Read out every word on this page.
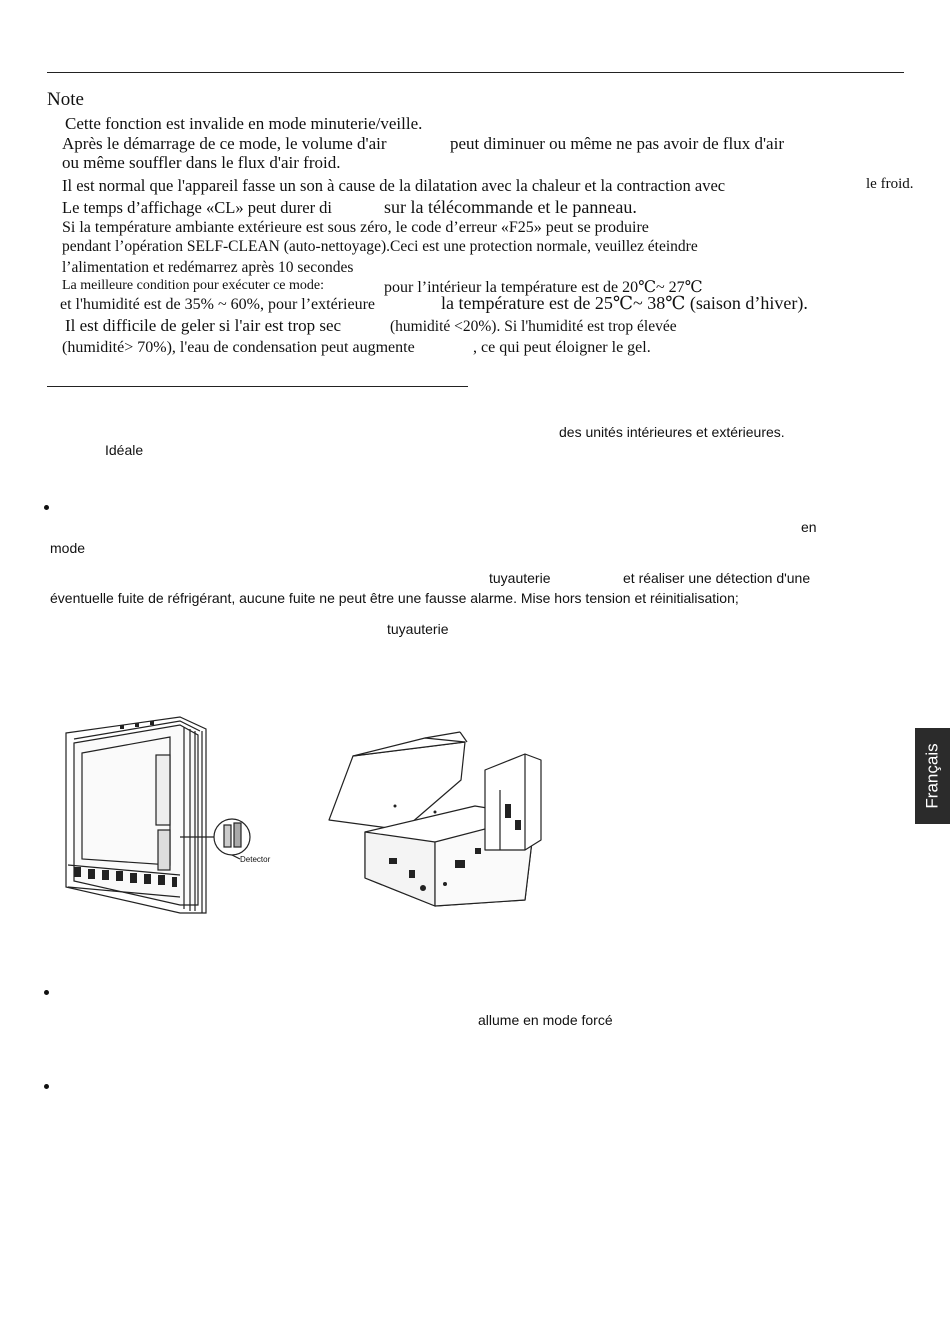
Note
Cette fonction est invalide en mode minuterie/veille.
Après le démarrage de ce mode, le volume d'air	peut diminuer ou même ne pas avoir de flux d'air
ou même souffler dans le flux d'air froid.
Il est normal que l'appareil fasse un son à cause de la dilatation avec la chaleur et la contraction avec	le froid.
Le temps d’affichage «CL» peut durer di	sur la télécommande et le panneau.
Si la température ambiante extérieure est sous zéro, le code d’erreur «F25» peut se produire
pendant l’opération SELF-CLEAN (auto-nettoyage).Ceci est une protection normale, veuillez éteindre
l’alimentation et redémarrez après 10 secondes
La meilleure condition pour exécuter ce mode:	pour l’intérieur la température est de 20℃~ 27℃
et l'humidité est de 35% ~ 60%, pour l’extérieure	la température est de 25℃~ 38℃ (saison d’hiver).
Il est difficile de geler si l'air est trop sec	(humidité <20%). Si l'humidité est trop élevée
(humidité> 70%), l'eau de condensation peut augmente	, ce qui peut éloigner le gel.
des unités intérieures et extérieures.
Idéale
en
mode
tuyauterie	et réaliser une détection d'une
éventuelle fuite de réfrigérant, aucune fuite ne peut être une fausse alarme. Mise hors tension et réinitialisation;
tuyauterie
Detector
allume en mode forcé
Français
